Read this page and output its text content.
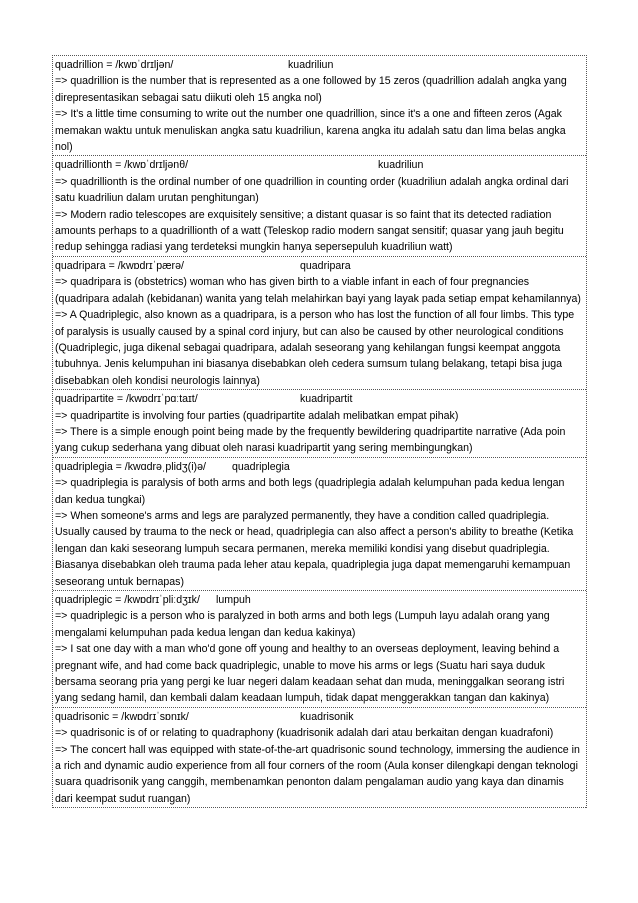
quadrillion = /kwɒˈdrɪljən/	kuadriliun

=> quadrillion is the number that is represented as a one followed by 15 zeros (quadrillion adalah angka yang direpresentasikan sebagai satu diikuti oleh 15 angka nol)

=> It's a little time consuming to write out the number one quadrillion, since it's a one and fifteen zeros (Agak memakan waktu untuk menuliskan angka satu kuadriliun, karena angka itu adalah satu dan lima belas angka nol)

quadrillionth = /kwɒˈdrɪljənθ/	kuadriliun

=> quadrillionth is the ordinal number of one quadrillion in counting order (kuadriliun adalah angka ordinal dari satu kuadriliun dalam urutan penghitungan)

=> Modern radio telescopes are exquisitely sensitive; a distant quasar is so faint that its detected radiation amounts perhaps to a quadrillionth of a watt (Teleskop radio modern sangat sensitif; quasar yang jauh begitu redup sehingga radiasi yang terdeteksi mungkin hanya sepersepuluh kuadriliun watt)

quadripara = /kwɒdrɪˈpærə/	quadripara

=> quadripara is (obstetrics) woman who has given birth to a viable infant in each of four pregnancies (quadripara adalah (kebidanan) wanita yang telah melahirkan bayi yang layak pada setiap empat kehamilannya)

=> A Quadriplegic, also known as a quadripara, is a person who has lost the function of all four limbs. This type of paralysis is usually caused by a spinal cord injury, but can also be caused by other neurological conditions (Quadriplegic, juga dikenal sebagai quadripara, adalah seseorang yang kehilangan fungsi keempat anggota tubuhnya. Jenis kelumpuhan ini biasanya disebabkan oleh cedera sumsum tulang belakang, tetapi bisa juga disebabkan oleh kondisi neurologis lainnya)

quadripartite = /kwɒdrɪˈpɑːtaɪt/	kuadripartit

=> quadripartite is involving four parties (quadripartite adalah melibatkan empat pihak)

=> There is a simple enough point being made by the frequently bewildering quadripartite narrative (Ada poin yang cukup sederhana yang dibuat oleh narasi kuadripartit yang sering membingungkan)

quadriplegia = /kwɑdrəˌplidʒ(i)ə/	quadriplegia

=> quadriplegia is paralysis of both arms and both legs (quadriplegia adalah kelumpuhan pada kedua lengan dan kedua tungkai)

=> When someone's arms and legs are paralyzed permanently, they have a condition called quadriplegia. Usually caused by trauma to the neck or head, quadriplegia can also affect a person's ability to breathe (Ketika lengan dan kaki seseorang lumpuh secara permanen, mereka memiliki kondisi yang disebut quadriplegia. Biasanya disebabkan oleh trauma pada leher atau kepala, quadriplegia juga dapat memengaruhi kemampuan seseorang untuk bernapas)

quadriplegic = /kwɒdrɪˈpliːdʒɪk/	lumpuh

=> quadriplegic is a person who is paralyzed in both arms and both legs (Lumpuh layu adalah orang yang mengalami kelumpuhan pada kedua lengan dan kedua kakinya)

=> I sat one day with a man who'd gone off young and healthy to an overseas deployment, leaving behind a pregnant wife, and had come back quadriplegic, unable to move his arms or legs (Suatu hari saya duduk bersama seorang pria yang pergi ke luar negeri dalam keadaan sehat dan muda, meninggalkan seorang istri yang sedang hamil, dan kembali dalam keadaan lumpuh, tidak dapat menggerakkan tangan dan kakinya)

quadrisonic = /kwɒdrɪˈsɒnɪk/	kuadrisonik

=> quadrisonic is of or relating to quadraphony (kuadrisonik adalah dari atau berkaitan dengan kuadrafoni)

=> The concert hall was equipped with state-of-the-art quadrisonic sound technology, immersing the audience in a rich and dynamic audio experience from all four corners of the room (Aula konser dilengkapi dengan teknologi suara quadrisonik yang canggih, membenamkan penonton dalam pengalaman audio yang kaya dan dinamis dari keempat sudut ruangan)
